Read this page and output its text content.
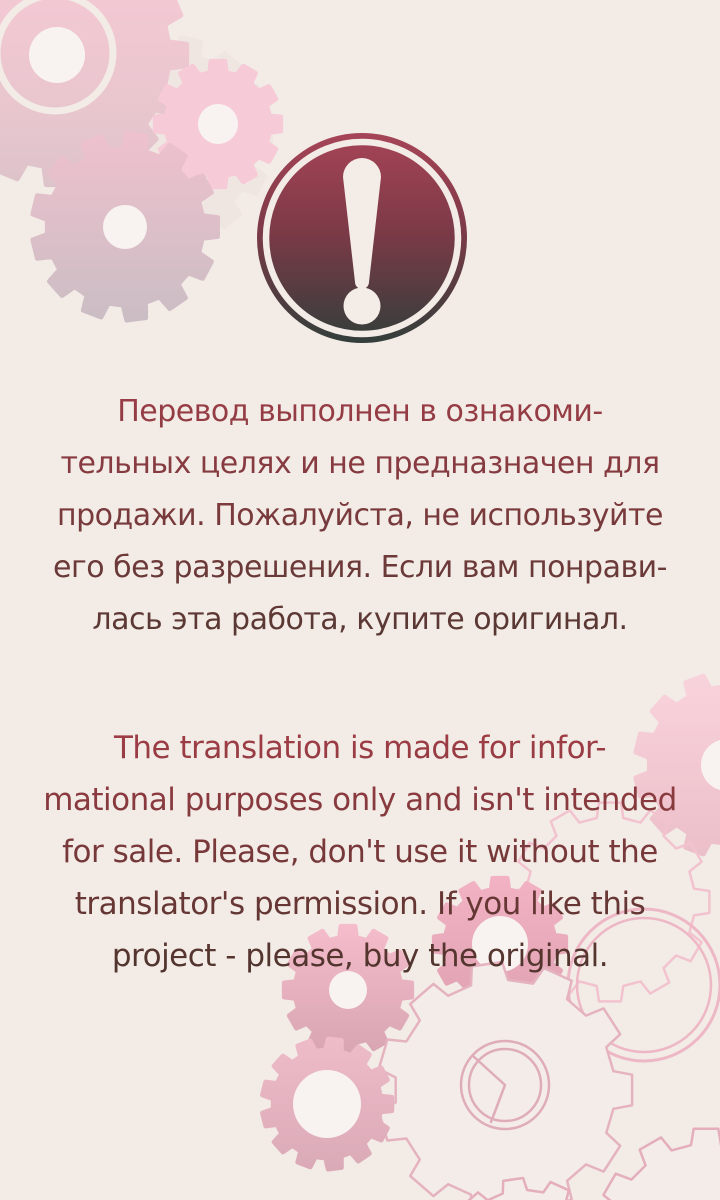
Перевод выполнен в ознакоми-
тельных целях и не предназначен для
продажи. Пожалуйста, не используйте
его без разрешения. Если вам понрави-
лась эта работа, купите оригинал.
The translation is made for infor-
mational purposes only and isn't intended
for sale. Please, don't use it without the
translator's permission. If you like this
project - please, buy the original.
